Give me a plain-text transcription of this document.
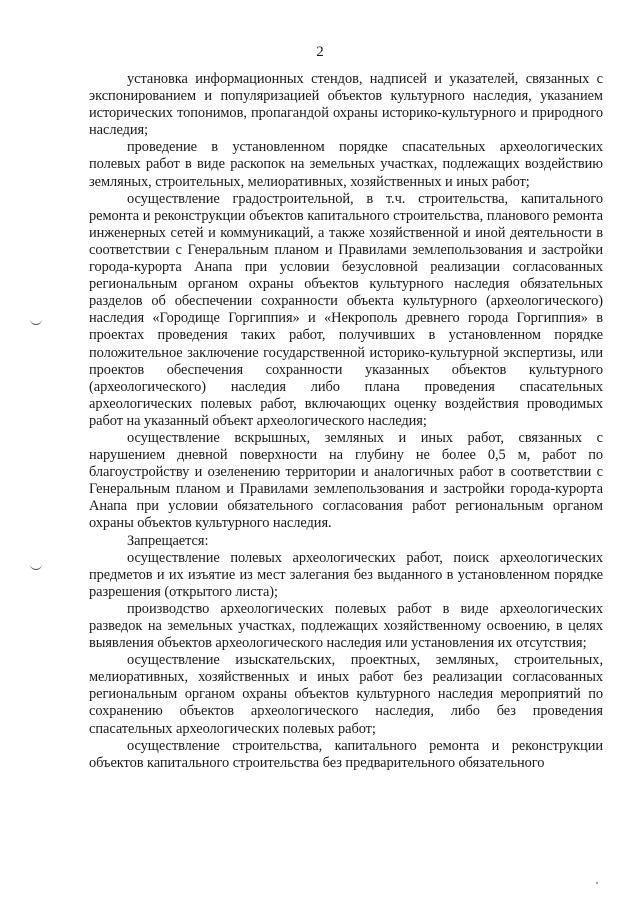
2

установка информационных стендов, надписей и указателей, связанных с экспонированием и популяризацией объектов культурного наследия, указанием исторических топонимов, пропагандой охраны историко-культурного и природного наследия;

проведение в установленном порядке спасательных археологических полевых работ в виде раскопок на земельных участках, подлежащих воздействию земляных, строительных, мелиоративных, хозяйственных и иных работ;

осуществление градостроительной, в т.ч. строительства, капитального ремонта и реконструкции объектов капитального строительства, планового ремонта инженерных сетей и коммуникаций, а также хозяйственной и иной деятельности в соответствии с Генеральным планом и Правилами землепользования и застройки города-курорта Анапа при условии безусловной реализации согласованных региональным органом охраны объектов культурного наследия обязательных разделов об обеспечении сохранности объекта культурного (археологического) наследия «Городище Горгиппия» и «Некрополь древнего города Горгиппия» в проектах проведения таких работ, получивших в установленном порядке положительное заключение государственной историко-культурной экспертизы, или проектов обеспечения сохранности указанных объектов культурного (археологического) наследия либо плана проведения спасательных археологических полевых работ, включающих оценку воздействия проводимых работ на указанный объект археологического наследия;

осуществление вскрышных, земляных и иных работ, связанных с нарушением дневной поверхности на глубину не более 0,5 м, работ по благоустройству и озеленению территории и аналогичных работ в соответствии с Генеральным планом и Правилами землепользования и застройки города-курорта Анапа при условии обязательного согласования работ региональным органом охраны объектов культурного наследия.

Запрещается:

осуществление полевых археологических работ, поиск археологических предметов и их изъятие из мест залегания без выданного в установленном порядке разрешения (открытого листа);

производство археологических полевых работ в виде археологических разведок на земельных участках, подлежащих хозяйственному освоению, в целях выявления объектов археологического наследия или установления их отсутствия;

осуществление изыскательских, проектных, земляных, строительных, мелиоративных, хозяйственных и иных работ без реализации согласованных региональным органом охраны объектов культурного наследия мероприятий по сохранению объектов археологического наследия, либо без проведения спасательных археологических полевых работ;

осуществление строительства, капитального ремонта и реконструкции объектов капитального строительства без предварительного обязательного
